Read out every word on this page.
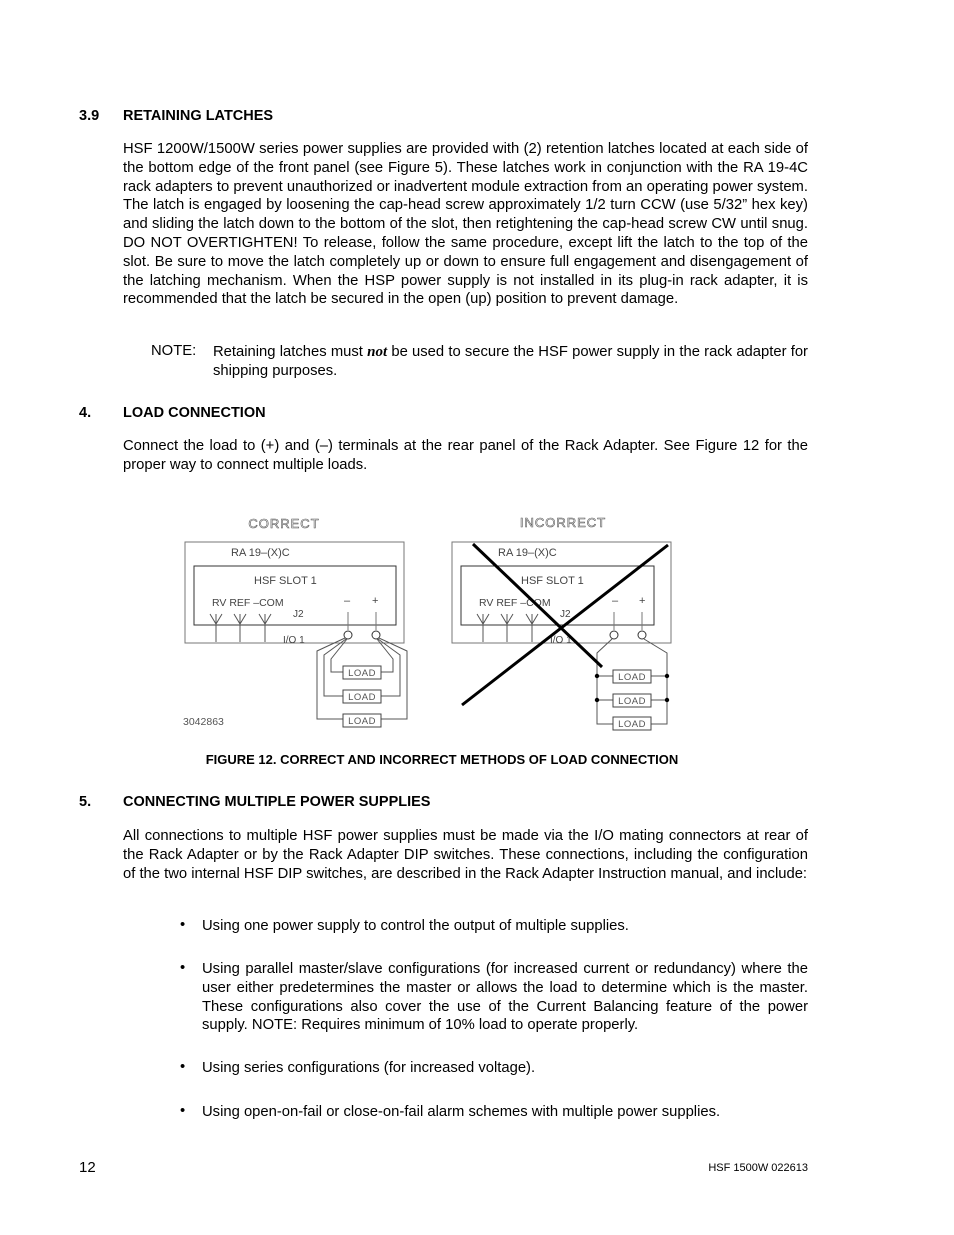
3.9 RETAINING LATCHES

HSF 1200W/1500W series power supplies are provided with (2) retention latches located at each side of the bottom edge of the front panel (see Figure 5). These latches work in conjunction with the RA 19-4C rack adapters to prevent unauthorized or inadvertent module extraction from an operating power system. The latch is engaged by loosening the cap-head screw approximately 1/2 turn CCW (use 5/32” hex key) and sliding the latch down to the bottom of the slot, then retightening the cap-head screw CW until snug. DO NOT OVERTIGHTEN! To release, follow the same procedure, except lift the latch to the top of the slot. Be sure to move the latch completely up or down to ensure full engagement and disengagement of the latching mechanism. When the HSP power supply is not installed in its plug-in rack adapter, it is recommended that the latch be secured in the open (up) position to prevent damage.

NOTE: Retaining latches must not be used to secure the HSF power supply in the rack adapter for shipping purposes.

4. LOAD CONNECTION

Connect the load to (+) and (–) terminals at the rear panel of the Rack Adapter. See Figure 12 for the proper way to connect multiple loads.

CORRECT
RA 19–(X)C
HSF SLOT 1
RV REF –COM	– +
J2
I/O 1
LOAD
LOAD
LOAD
3042863
INCORRECT
RA 19–(X)C
HSF SLOT 1
RV REF –COM	– +
J2
I/O 1
LOAD
LOAD
LOAD
FIGURE 12. CORRECT AND INCORRECT METHODS OF LOAD CONNECTION
5. CONNECTING MULTIPLE POWER SUPPLIES

All connections to multiple HSF power supplies must be made via the I/O mating connectors at rear of the Rack Adapter or by the Rack Adapter DIP switches. These connections, including the configuration of the two internal HSF DIP switches, are described in the Rack Adapter Instruction manual, and include:

• Using one power supply to control the output of multiple supplies.

• Using parallel master/slave configurations (for increased current or redundancy) where the user either predetermines the master or allows the load to determine which is the master. These configurations also cover the use of the Current Balancing feature of the power supply. NOTE: Requires minimum of 10% load to operate properly.

• Using series configurations (for increased voltage).

• Using open-on-fail or close-on-fail alarm schemes with multiple power supplies.

12	HSF 1500W 022613
